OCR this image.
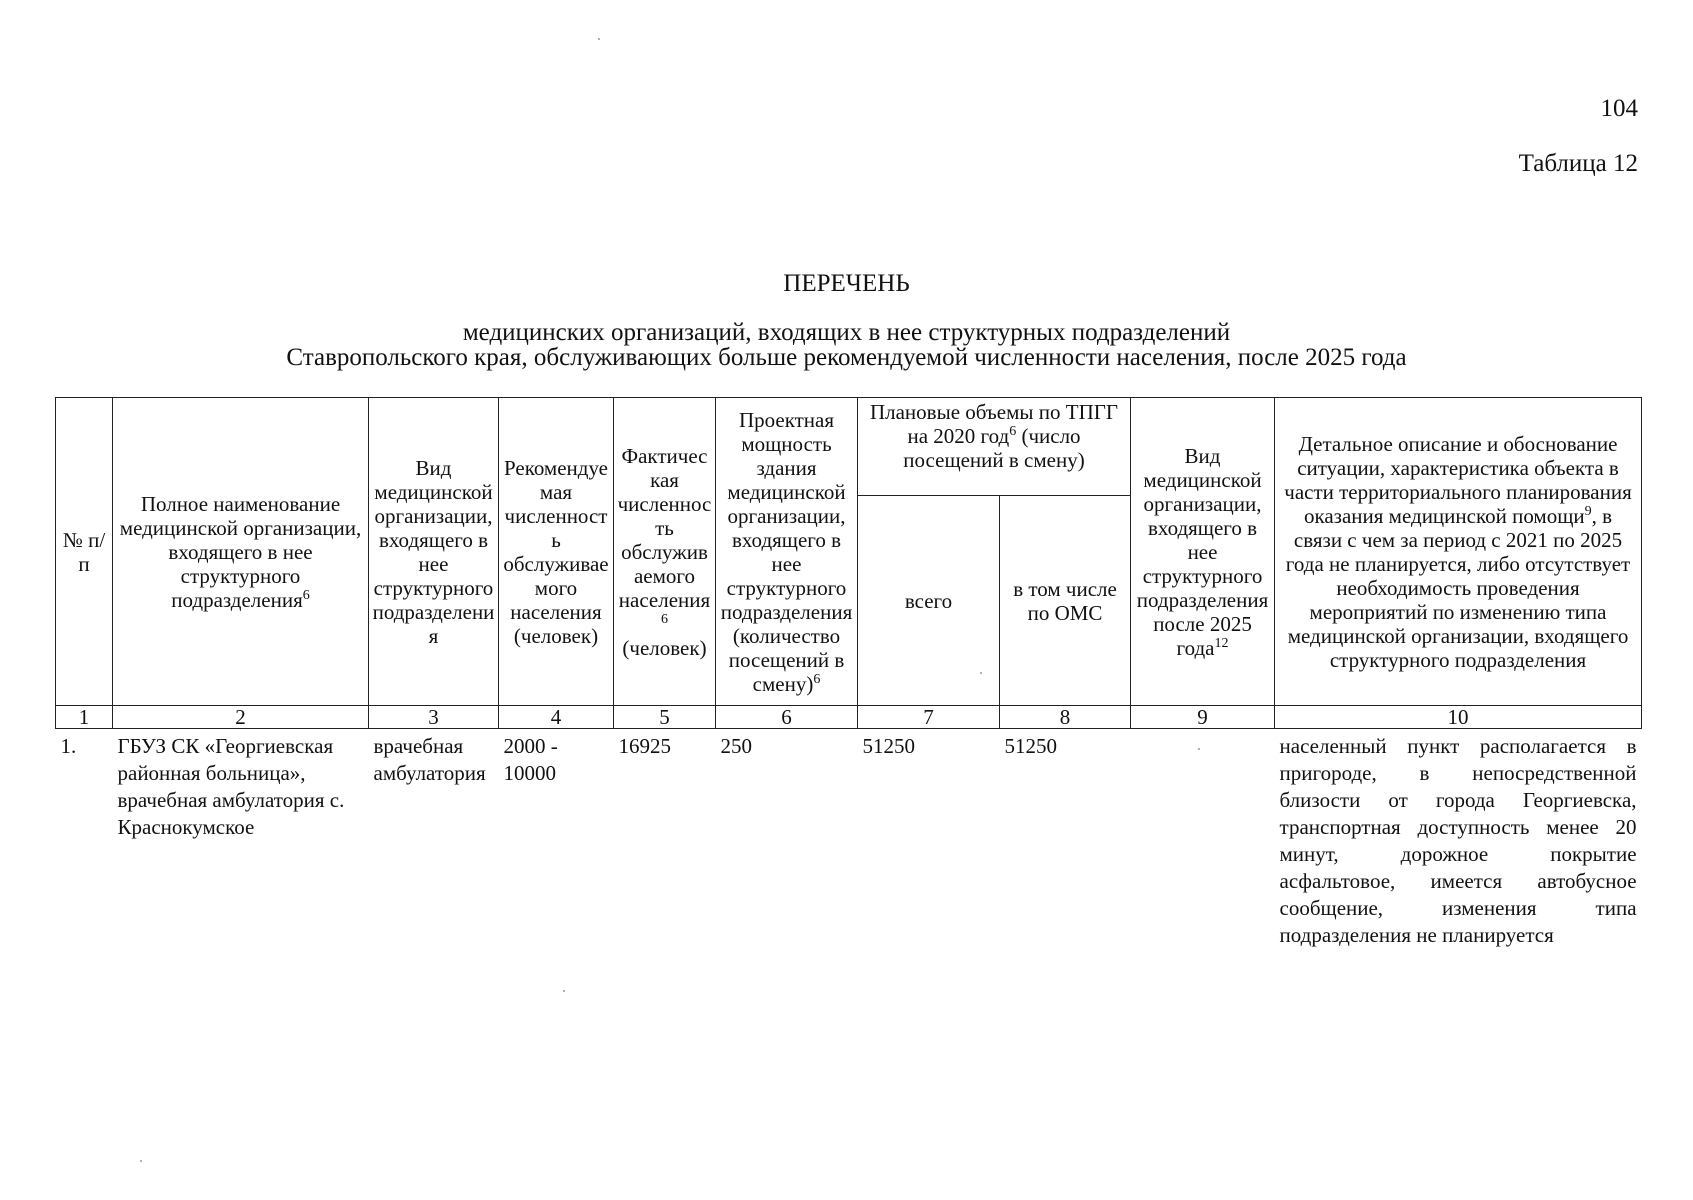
104
Таблица 12
ПЕРЕЧЕНЬ
медицинских организаций, входящих в нее структурных подразделений
Ставропольского края, обслуживающих больше рекомендуемой численности населения, после 2025 года
№ п/п	Полное наименование медицинской организации, входящего в нее структурного подразделения$^6$	Вид медицинской организации, входящего в нее структурного подразделения	Рекомендуемая численность обслуживаемого населения (человек)	Фактическая численность обслуживаемого населения$^6$ (человек)	Проектная мощность здания медицинской организации, входящего в нее структурного подразделения (количество посещений в смену)$^6$	Плановые объемы по ТПГГ на 2020 год$^6$ (число посещений в смену)		Вид медицинской организации, входящего в нее структурного подразделения после 2025 года$^{12}$	Детальное описание и обоснование ситуации, характеристика объекта в части территориального планирования оказания медицинской помощи$^9$, в связи с чем за период с 2021 по 2025 года не планируется, либо отсутствует необходимость проведения мероприятий по изменению типа медицинской организации, входящего структурного подразделения
						всего	в том числе по ОМС		
1	2	3	4	5	6	7	8	9	10
1.	ГБУЗ СК «Георгиевская районная больница», врачебная амбулатория с. Краснокумское	врачебная амбулатория	2000 - 10000	16925	250	51250	51250		населенный пункт располагается в пригороде, в непосредственной близости от города Георгиевска, транспортная доступность менее 20 минут, дорожное покрытие асфальтовое, имеется автобусное сообщение, изменения типа подразделения не планируется
